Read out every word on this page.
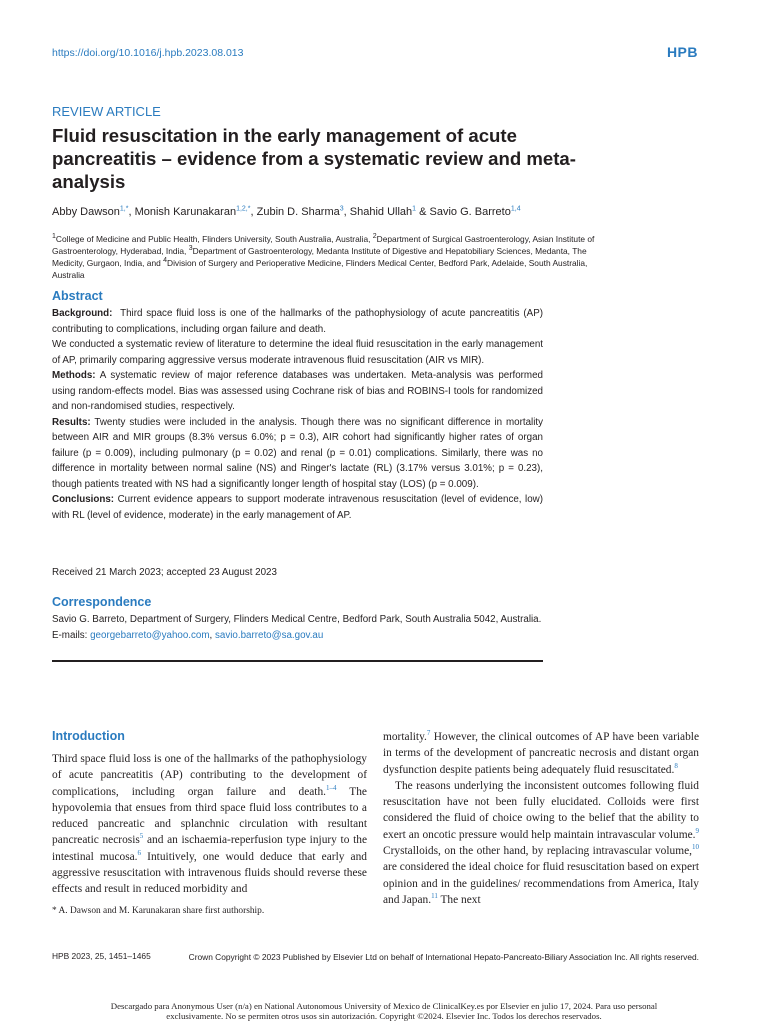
https://doi.org/10.1016/j.hpb.2023.08.013	HPB
REVIEW ARTICLE
Fluid resuscitation in the early management of acute pancreatitis – evidence from a systematic review and meta-analysis
Abby Dawson$^{1,*}$, Monish Karunakaran$^{1,2,*}$, Zubin D. Sharma$^3$, Shahid Ullah$^1$ & Savio G. Barreto$^{1,4}$
$^1$College of Medicine and Public Health, Flinders University, South Australia, Australia, $^2$Department of Surgical Gastroenterology, Asian Institute of Gastroenterology, Hyderabad, India, $^3$Department of Gastroenterology, Medanta Institute of Digestive and Hepatobiliary Sciences, Medanta, The Medicity, Gurgaon, India, and $^4$Division of Surgery and Perioperative Medicine, Flinders Medical Center, Bedford Park, Adelaide, South Australia, Australia
Abstract

Background: Third space fluid loss is one of the hallmarks of the pathophysiology of acute pancreatitis (AP) contributing to complications, including organ failure and death.

We conducted a systematic review of literature to determine the ideal fluid resuscitation in the early management of AP, primarily comparing aggressive versus moderate intravenous fluid resuscitation (AIR vs MIR).

Methods: A systematic review of major reference databases was undertaken. Meta-analysis was performed using random-effects model. Bias was assessed using Cochrane risk of bias and ROBINS-I tools for randomized and non-randomised studies, respectively.

Results: Twenty studies were included in the analysis. Though there was no significant difference in mortality between AIR and MIR groups (8.3% versus 6.0%; p = 0.3), AIR cohort had significantly higher rates of organ failure (p = 0.009), including pulmonary (p = 0.02) and renal (p = 0.01) complications. Similarly, there was no difference in mortality between normal saline (NS) and Ringer's lactate (RL) (3.17% versus 3.01%; p = 0.23), though patients treated with NS had a significantly longer length of hospital stay (LOS) (p = 0.009).

Conclusions: Current evidence appears to support moderate intravenous resuscitation (level of evidence, low) with RL (level of evidence, moderate) in the early management of AP.

Received 21 March 2023; accepted 23 August 2023
Correspondence
Savio G. Barreto, Department of Surgery, Flinders Medical Centre, Bedford Park, South Australia 5042, Australia. E-mails: georgebarreto@yahoo.com, savio.barreto@sa.gov.au
Introduction

Third space fluid loss is one of the hallmarks of the pathophysiology of acute pancreatitis (AP) contributing to the development of complications, including organ failure and death.$^{1-4}$ The hypovolemia that ensues from third space fluid loss contributes to a reduced pancreatic and splanchnic circulation with resultant pancreatic necrosis$^5$ and an ischaemia-reperfusion type injury to the intestinal mucosa.$^6$ Intuitively, one would deduce that early and aggressive resuscitation with intravenous fluids should reverse these effects and result in reduced morbidity and

mortality.$^7$ However, the clinical outcomes of AP have been variable in terms of the development of pancreatic necrosis and distant organ dysfunction despite patients being adequately fluid resuscitated.$^8$

The reasons underlying the inconsistent outcomes following fluid resuscitation have not been fully elucidated. Colloids were first considered the fluid of choice owing to the belief that the ability to exert an oncotic pressure would help maintain intravascular volume.$^9$ Crystalloids, on the other hand, by replacing intravascular volume,$^{10}$ are considered the ideal choice for fluid resuscitation based on expert opinion and in the guidelines/ recommendations from America, Italy and Japan.$^{11}$ The next

* A. Dawson and M. Karunakaran share first authorship.
HPB 2023, 25, 1451–1465	Crown Copyright © 2023 Published by Elsevier Ltd on behalf of International Hepato-Pancreato-Biliary Association Inc. All rights reserved.
Descargado para Anonymous User (n/a) en National Autonomous University of Mexico de ClinicalKey.es por Elsevier en julio 17, 2024. Para uso personal exclusivamente. No se permiten otros usos sin autorización. Copyright ©2024. Elsevier Inc. Todos los derechos reservados.
